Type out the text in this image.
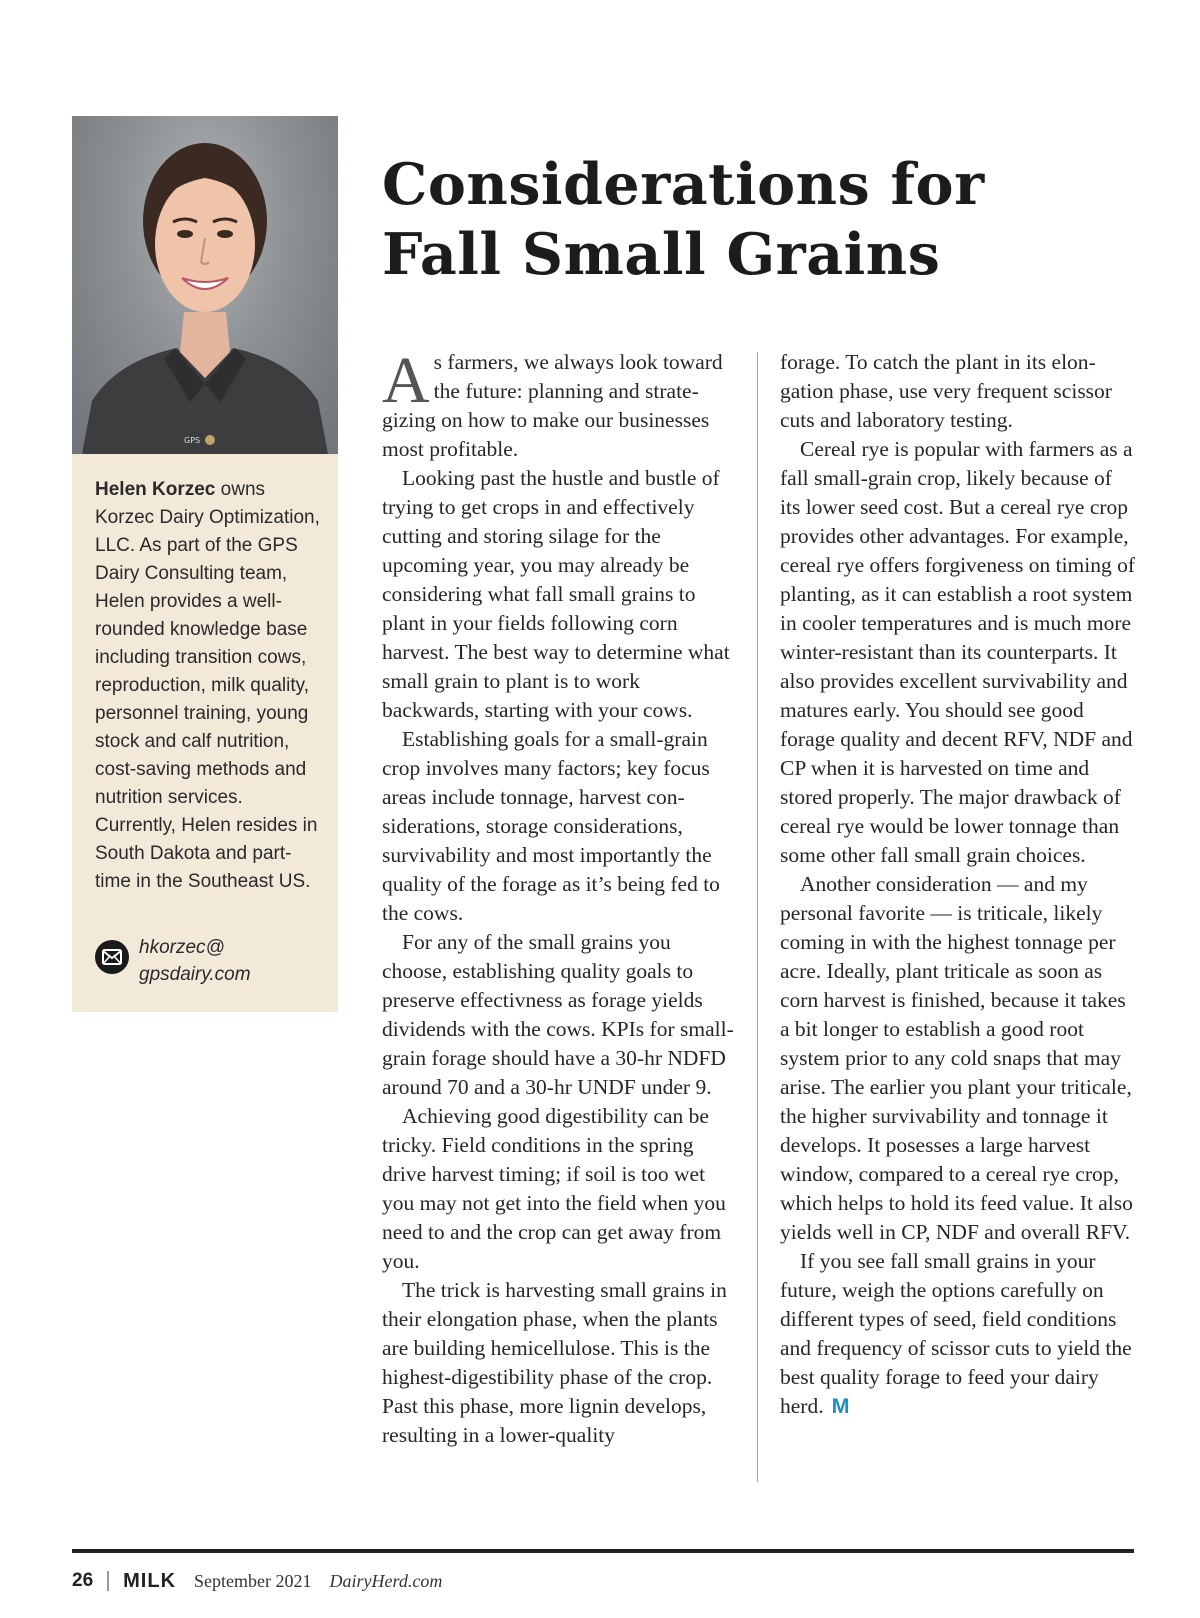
GPS
Helen Korzec owns Korzec Dairy Optimization, LLC. As part of the GPS Dairy Consulting team, Helen provides a well-rounded knowledge base including transition cows, reproduction, milk quality, personnel training, young stock and calf nutrition, cost-saving methods and nutrition services. Currently, Helen resides in South Dakota and part-time in the Southeast US.
hkorzec@
gpsdairy.com
Considerations for
Fall Small Grains

As farmers, we always look toward the future: planning and strategizing on how to make our businesses most profitable.

Looking past the hustle and bustle of trying to get crops in and effectively cutting and storing silage for the upcoming year, you may already be considering what fall small grains to plant in your fields following corn harvest. The best way to determine what small grain to plant is to work backwards, starting with your cows.

Establishing goals for a small-grain crop involves many factors; key focus areas include tonnage, harvest considerations, storage considerations, survivability and most importantly the quality of the forage as it’s being fed to the cows.

For any of the small grains you choose, establishing quality goals to preserve effectivness as forage yields dividends with the cows. KPIs for small-grain forage should have a 30-hr NDFD around 70 and a 30-hr UNDF under 9.

Achieving good digestibility can be tricky. Field conditions in the spring drive harvest timing; if soil is too wet you may not get into the field when you need to and the crop can get away from you.

The trick is harvesting small grains in their elongation phase, when the plants are building hemicellulose. This is the highest-digestibility phase of the crop. Past this phase, more lignin develops, resulting in a lower-quality

forage. To catch the plant in its elongation phase, use very frequent scissor cuts and laboratory testing.

Cereal rye is popular with farmers as a fall small-grain crop, likely because of its lower seed cost. But a cereal rye crop provides other advantages. For example, cereal rye offers forgiveness on timing of planting, as it can establish a root system in cooler temperatures and is much more winter-resistant than its counterparts. It also provides excellent survivability and matures early. You should see good forage quality and decent RFV, NDF and CP when it is harvested on time and stored properly. The major drawback of cereal rye would be lower tonnage than some other fall small grain choices.

Another consideration — and my personal favorite — is triticale, likely coming in with the highest tonnage per acre. Ideally, plant triticale as soon as corn harvest is finished, because it takes a bit longer to establish a good root system prior to any cold snaps that may arise. The earlier you plant your triticale, the higher survivability and tonnage it develops. It posesses a large harvest window, compared to a cereal rye crop, which helps to hold its feed value. It also yields well in CP, NDF and overall RFV.

If you see fall small grains in your future, weigh the options carefully on different types of seed, field conditions and frequency of scissor cuts to yield the best quality forage to feed your dairy herd. M

26 MILK September 2021 DairyHerd.com
